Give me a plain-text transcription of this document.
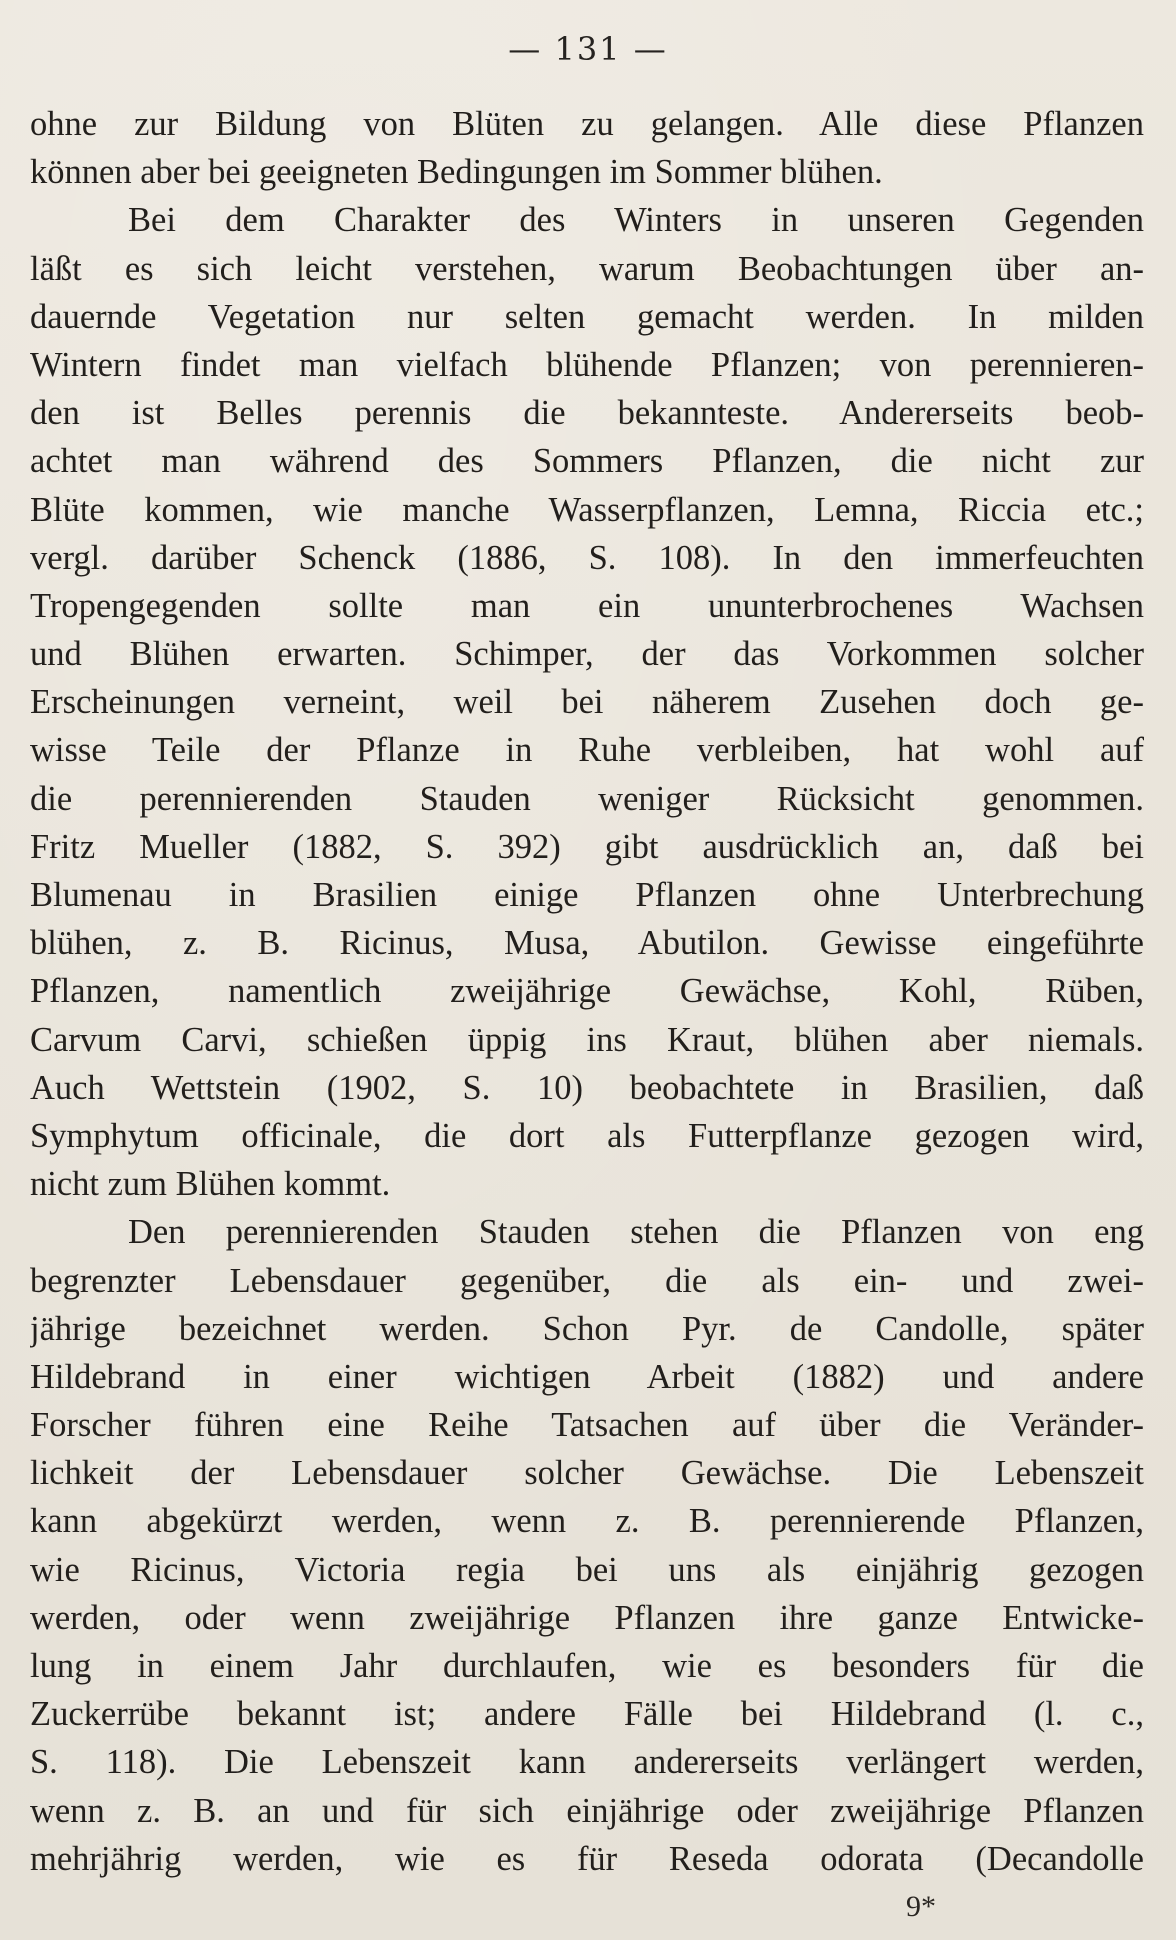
— 131 —
ohne zur Bildung von Blüten zu gelangen. Alle diese Pflanzen
können aber bei geeigneten Bedingungen im Sommer blühen.
Bei dem Charakter des Winters in unseren Gegenden
läßt es sich leicht verstehen, warum Beobachtungen über an-
dauernde Vegetation nur selten gemacht werden. In milden
Wintern findet man vielfach blühende Pflanzen; von perennieren-
den ist Belles perennis die bekannteste. Andererseits beob-
achtet man während des Sommers Pflanzen, die nicht zur
Blüte kommen, wie manche Wasserpflanzen, Lemna, Riccia etc.;
vergl. darüber Schenck (1886, S. 108). In den immerfeuchten
Tropengegenden sollte man ein ununterbrochenes Wachsen
und Blühen erwarten. Schimper, der das Vorkommen solcher
Erscheinungen verneint, weil bei näherem Zusehen doch ge-
wisse Teile der Pflanze in Ruhe verbleiben, hat wohl auf
die perennierenden Stauden weniger Rücksicht genommen.
Fritz Mueller (1882, S. 392) gibt ausdrücklich an, daß bei
Blumenau in Brasilien einige Pflanzen ohne Unterbrechung
blühen, z. B. Ricinus, Musa, Abutilon. Gewisse eingeführte
Pflanzen, namentlich zweijährige Gewächse, Kohl, Rüben,
Carvum Carvi, schießen üppig ins Kraut, blühen aber niemals.
Auch Wettstein (1902, S. 10) beobachtete in Brasilien, daß
Symphytum officinale, die dort als Futterpflanze gezogen wird,
nicht zum Blühen kommt.
Den perennierenden Stauden stehen die Pflanzen von eng
begrenzter Lebensdauer gegenüber, die als ein- und zwei-
jährige bezeichnet werden. Schon Pyr. de Candolle, später
Hildebrand in einer wichtigen Arbeit (1882) und andere
Forscher führen eine Reihe Tatsachen auf über die Veränder-
lichkeit der Lebensdauer solcher Gewächse. Die Lebenszeit
kann abgekürzt werden, wenn z. B. perennierende Pflanzen,
wie Ricinus, Victoria regia bei uns als einjährig gezogen
werden, oder wenn zweijährige Pflanzen ihre ganze Entwicke-
lung in einem Jahr durchlaufen, wie es besonders für die
Zuckerrübe bekannt ist; andere Fälle bei Hildebrand (l. c.,
S. 118). Die Lebenszeit kann andererseits verlängert werden,
wenn z. B. an und für sich einjährige oder zweijährige Pflanzen
mehrjährig werden, wie es für Reseda odorata (Decandolle
9*
